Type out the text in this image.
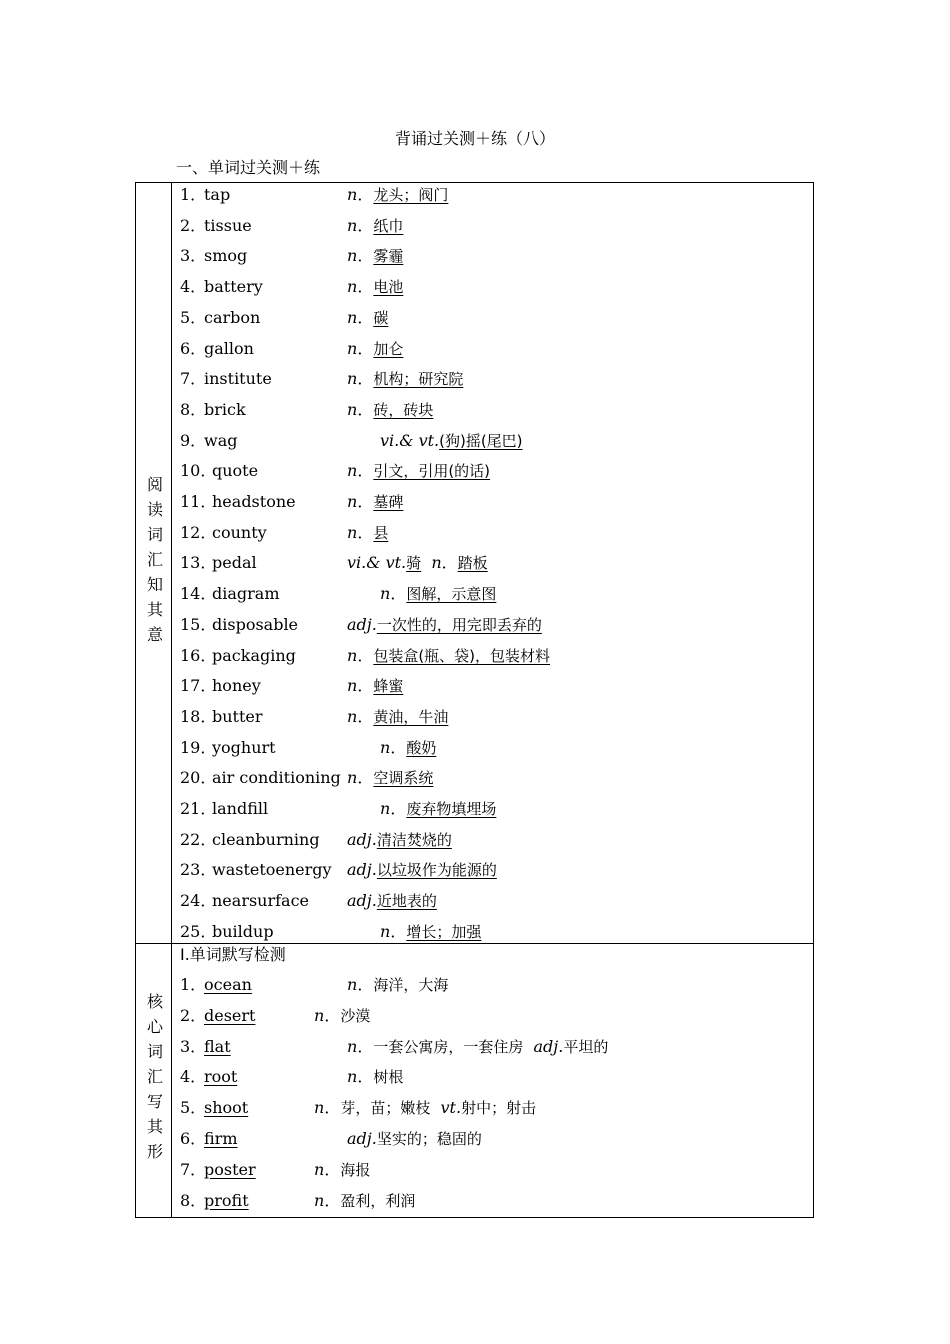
背诵过关测＋练（八）
一、单词过关测＋练
阅读词汇知其意
1．
tap	n．龙头；阀门
2．
tissue	n．纸巾
3．
smog	n．雾霾
4．
battery	n．电池
5．
carbon	n．碳
6．
gallon	n．加仑
7．
institute	n．机构；研究院
8．
brick	n．砖，砖块
9．
wag	vi.& vt.(狗)摇(尾巴)
10．
quote	n．引文，引用(的话)
11．
headstone	n．墓碑
12．
county	n．县
13．
pedal	vi.& vt.骑 n．踏板
14．
diagram	n．图解，示意图
15．
disposable	adj.一次性的，用完即丢弃的
16．
packaging	n．包装盒(瓶、袋)，包装材料
17．
honey	n．蜂蜜
18．
butter	n．黄油，牛油
19．
yoghurt	n．酸奶
20．
air conditioning n．空调系统
21．
landfill	n．废弃物填埋场
22．
cleanburning adj.清洁焚烧的
23．
wastetoenergy adj.以垃圾作为能源的
24．
nearsurface adj.近地表的
25．
buildup	n．增长；加强
核心词汇写其形
Ⅰ.单词默写检测
1．
ocean	n．海洋，大海
2．
desert	n．沙漠
3．
flat	n．一套公寓房，一套住房 adj.平坦的
4．
root	n．树根
5．
shoot	n．芽，苗；嫩枝 vt.射中；射击
6．
firm	adj.坚实的；稳固的
7．
poster	n．海报
8．
profit	n．盈利，利润
